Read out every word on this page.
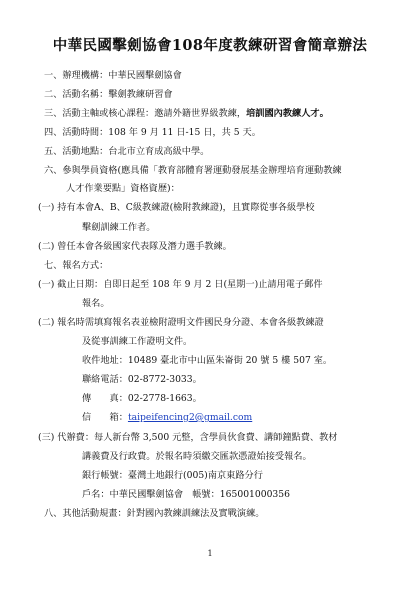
中華民國擊劍協會108年度教練研習會簡章辦法
一、辦理機構：中華民國擊劍協會
二、活動名稱：擊劍教練研習會
三、活動主軸或核心課程：邀請外籍世界級教練，培訓國內教練人才。
四、活動時間：108 年 9 月 11 日-15 日，共 5 天。
五、活動地點：台北市立育成高級中學。
六、參與學員資格(應具備「教育部體育署運動發展基金辦理培育運動教練
人才作業要點」資格資歷)：
(一) 持有本會A、B、C級教練證(檢附教練證)，且實際從事各級學校
擊劍訓練工作者。
(二) 曾任本會各級國家代表隊及潛力選手教練。
七、報名方式：
(一) 截止日期：自即日起至 108 年 9 月 2 日(星期一)止請用電子郵件
報名。
(二) 報名時需填寫報名表並檢附證明文件國民身分證、本會各級教練證
及從事訓練工作證明文件。
收件地址：10489 臺北市中山區朱崙街 20 號 5 樓 507 室。
聯絡電話：02-8772-3033。
傳　　真：02-2778-1663。
信　　箱：taipeifencing2@gmail.com
(三) 代辦費：每人新台幣 3,500 元整，含學員伙食費、講師鐘點費、教材
講義費及行政費。於報名時須繳交匯款憑證始接受報名。
銀行帳號：臺灣土地銀行(005)南京東路分行
戶名：中華民國擊劍協會　帳號：165001000356
八、其他活動規畫：針對國內教練訓練法及實戰演練。
1
